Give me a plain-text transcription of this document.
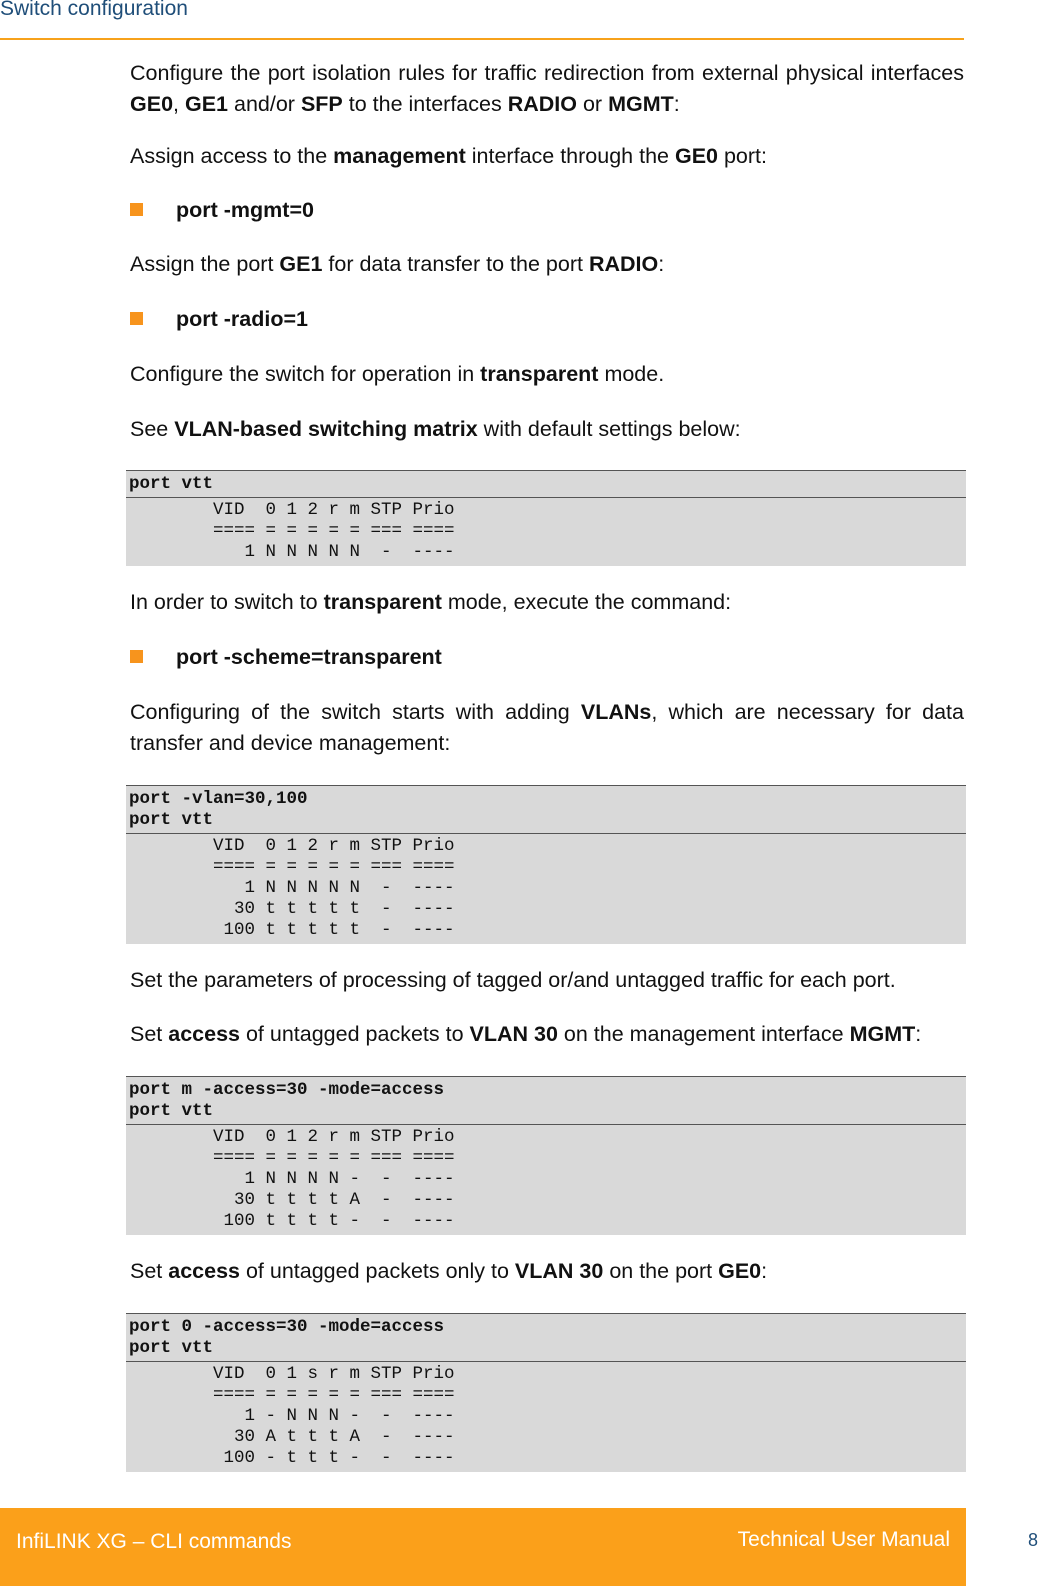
Switch configuration

Configure the port isolation rules for traffic redirection from external physical interfaces GE0, GE1 and/or SFP to the interfaces RADIO or MGMT:

Assign access to the management interface through the GE0 port:

port -mgmt=0

Assign the port GE1 for data transfer to the port RADIO:

port -radio=1

Configure the switch for operation in transparent mode.

See VLAN-based switching matrix with default settings below:

port vtt
VID  0 1 2 r m STP Prio
==== = = = = = === ====
1 N N N N N  -  ----

In order to switch to transparent mode, execute the command:

port -scheme=transparent

Configuring of the switch starts with adding VLANs, which are necessary for data transfer and device management:

port -vlan=30,100
port vtt
VID  0 1 2 r m STP Prio
==== = = = = = === ====
1 N N N N N  -  ----
30 t t t t t  -  ----
100 t t t t t  -  ----

Set the parameters of processing of tagged or/and untagged traffic for each port.

Set access of untagged packets to VLAN 30 on the management interface MGMT:

port m -access=30 -mode=access
port vtt
VID  0 1 2 r m STP Prio
==== = = = = = === ====
1 N N N N -  -  ----
30 t t t t A  -  ----
100 t t t t -  -  ----

Set access of untagged packets only to VLAN 30 on the port GE0:

port 0 -access=30 -mode=access
port vtt
VID  0 1 s r m STP Prio
==== = = = = = === ====
1 - N N N -  -  ----
30 A t t t A  -  ----
100 - t t t -  -  ----
InfiLINK XG – CLI commands	Technical User Manual	8
